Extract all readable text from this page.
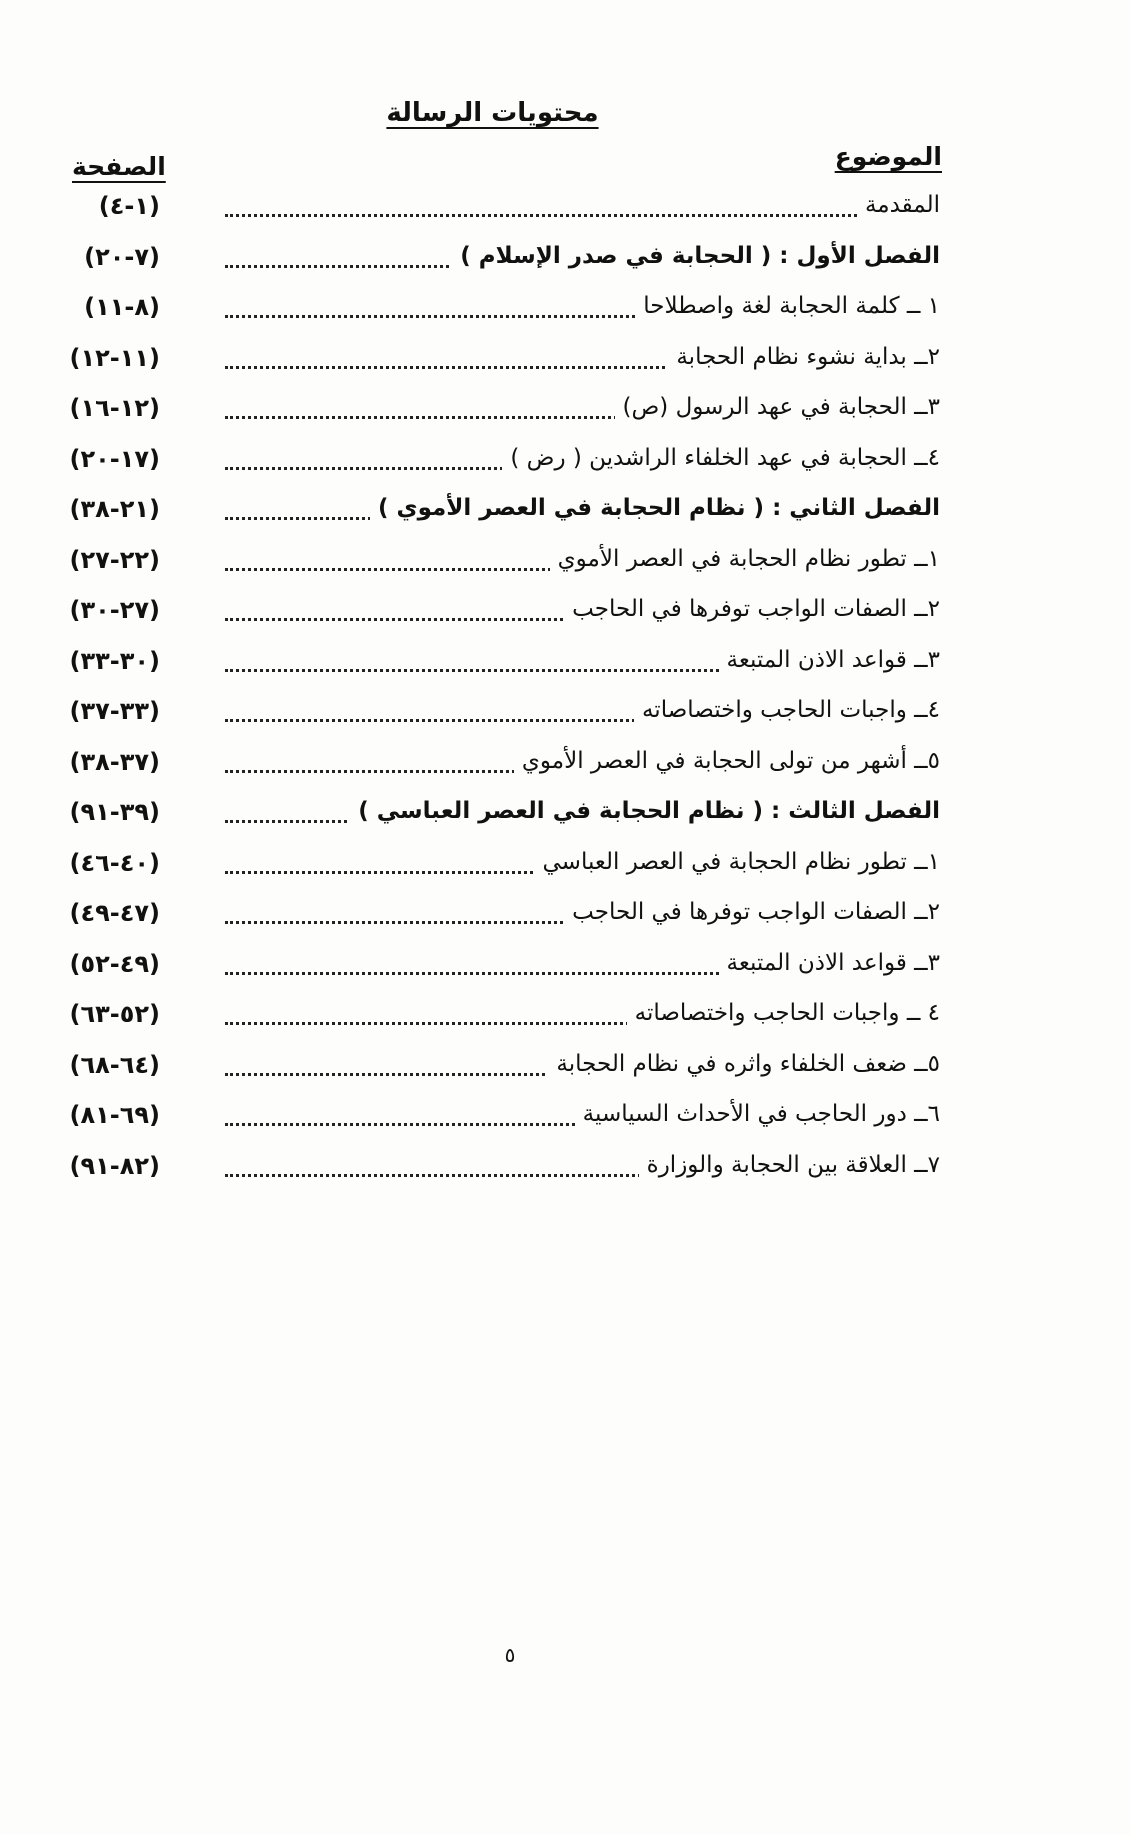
محتويات الرسالة
الموضوع
الصفحة
المقدمة
(١-٤)
الفصل الأول : ( الحجابة في صدر الإسلام )
(٧-٢٠)
١ ــ كلمة الحجابة لغة واصطلاحا
(٨-١١)
٢ــ بداية نشوء نظام الحجابة
(١١-١٢)
٣ــ الحجابة في عهد الرسول (ص)
(١٢-١٦)
٤ــ الحجابة في عهد الخلفاء الراشدين ( رض )
(١٧-٢٠)
الفصل الثاني : ( نظام الحجابة في العصر الأموي )
(٢١-٣٨)
١ــ تطور نظام الحجابة في العصر الأموي
(٢٢-٢٧)
٢ــ الصفات الواجب توفرها في الحاجب
(٢٧-٣٠)
٣ــ قواعد الاذن المتبعة
(٣٠-٣٣)
٤ــ واجبات الحاجب واختصاصاته
(٣٣-٣٧)
٥ــ أشهر من تولى الحجابة في العصر الأموي
(٣٧-٣٨)
الفصل الثالث : ( نظام الحجابة في العصر العباسي )
(٣٩-٩١)
١ــ تطور نظام الحجابة في العصر العباسي
(٤٠-٤٦)
٢ــ الصفات الواجب توفرها في الحاجب
(٤٧-٤٩)
٣ــ قواعد الاذن المتبعة
(٤٩-٥٢)
٤ ــ واجبات الحاجب واختصاصاته
(٥٢-٦٣)
٥ــ ضعف الخلفاء واثره في نظام الحجابة
(٦٤-٦٨)
٦ــ دور الحاجب في الأحداث السياسية
(٦٩-٨١)
٧ــ العلاقة بين الحجابة والوزارة
(٨٢-٩١)
٥
